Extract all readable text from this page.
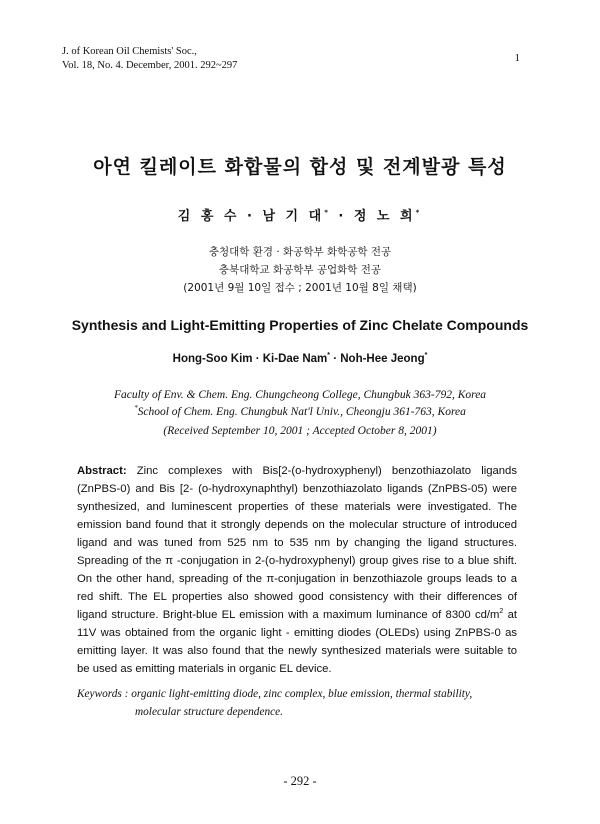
J. of Korean Oil Chemists' Soc.,
Vol. 18, No. 4. December, 2001. 292~297
1
아연 킬레이트 화합물의 합성 및 전계발광 특성
김 홍 수 · 남 기 대* · 정 노 희*
충청대학 환경 · 화공학부 화학공학 전공
충북대학교 화공학부 공업화학 전공
(2001년 9월 10일 접수 ; 2001년 10월 8일 채택)
Synthesis and Light-Emitting Properties of Zinc Chelate Compounds
Hong-Soo Kim · Ki-Dae Nam* · Noh-Hee Jeong*
Faculty of Env. & Chem. Eng. Chungcheong College, Chungbuk 363-792, Korea
*School of Chem. Eng. Chungbuk Nat'l Univ., Cheongju 361-763, Korea
(Received September 10, 2001 ; Accepted October 8, 2001)
Abstract: Zinc complexes with Bis[2-(o-hydroxyphenyl) benzothiazolato ligands (ZnPBS-0) and Bis [2- (o-hydroxynaphthyl) benzothiazolato ligands (ZnPBS-05) were synthesized, and luminescent properties of these materials were investigated. The emission band found that it strongly depends on the molecular structure of introduced ligand and was tuned from 525 nm to 535 nm by changing the ligand structures. Spreading of the π -conjugation in 2-(o-hydroxyphenyl) group gives rise to a blue shift. On the other hand, spreading of the π-conjugation in benzothiazole groups leads to a red shift. The EL properties also showed good consistency with their differences of ligand structure. Bright-blue EL emission with a maximum luminance of 8300 $cd/m^2$ at 11V was obtained from the organic light - emitting diodes (OLEDs) using ZnPBS-0 as emitting layer. It was also found that the newly synthesized materials were suitable to be used as emitting materials in organic EL device.
Keywords : organic light-emitting diode, zinc complex, blue emission, thermal stability,
molecular structure dependence.
- 292 -
